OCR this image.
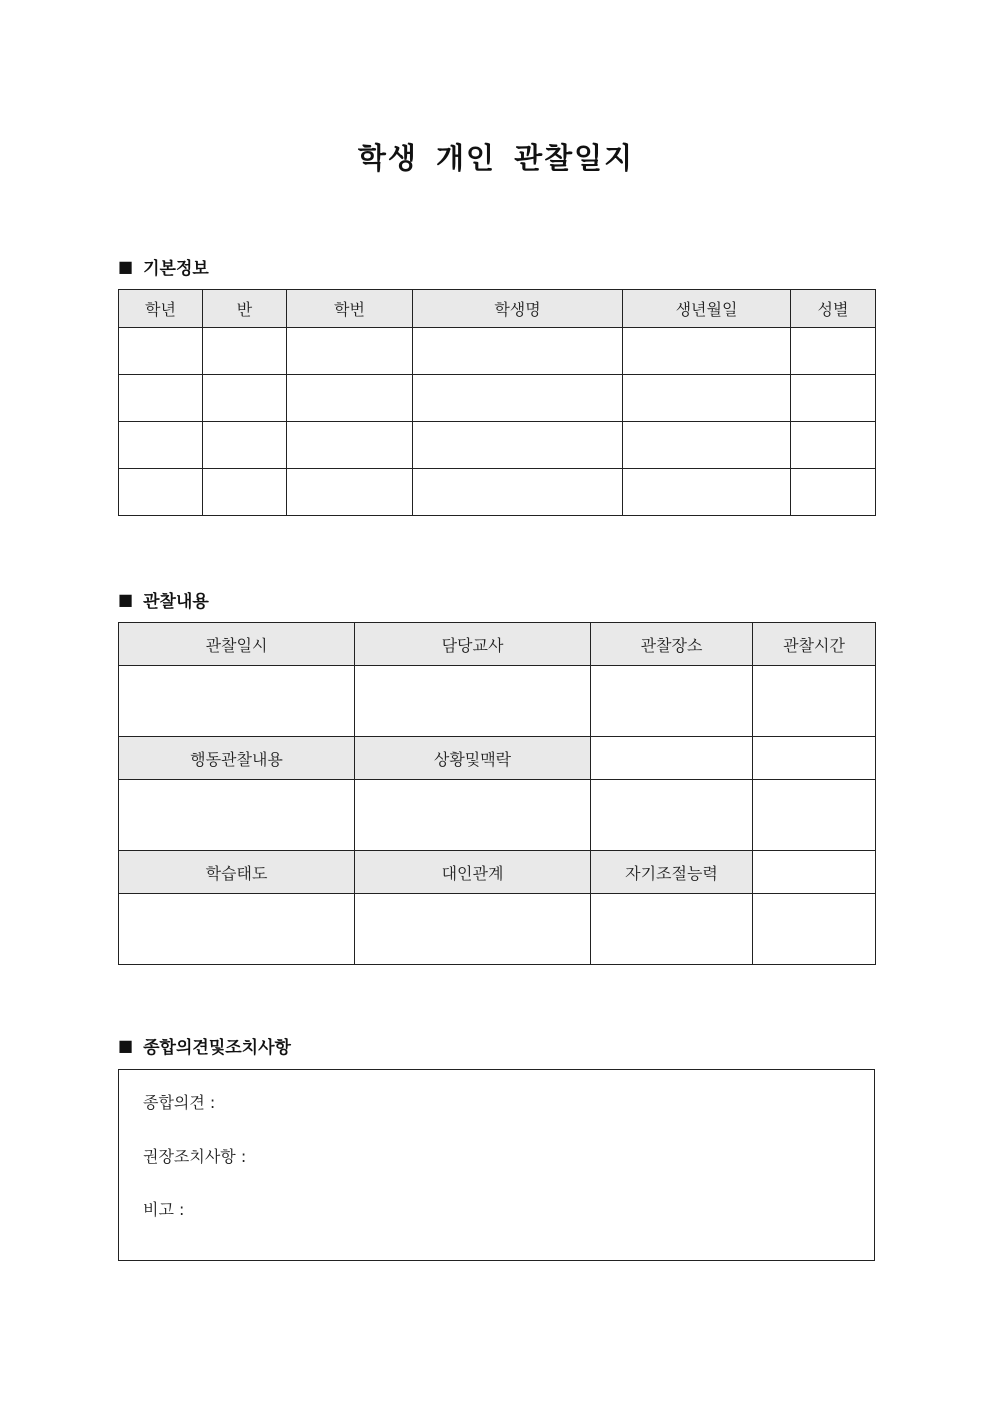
학생 개인 관찰일지
■ 기본정보
학년	반	학번	학생명	생년월일	성별

■ 관찰내용
관찰일시	담당교사	관찰장소	관찰시간

행동관찰내용	상황및맥락		

학습태도	대인관계	자기조절능력	

■ 종합의견및조치사항
종합의견 :
권장조치사항 :
비고 :
